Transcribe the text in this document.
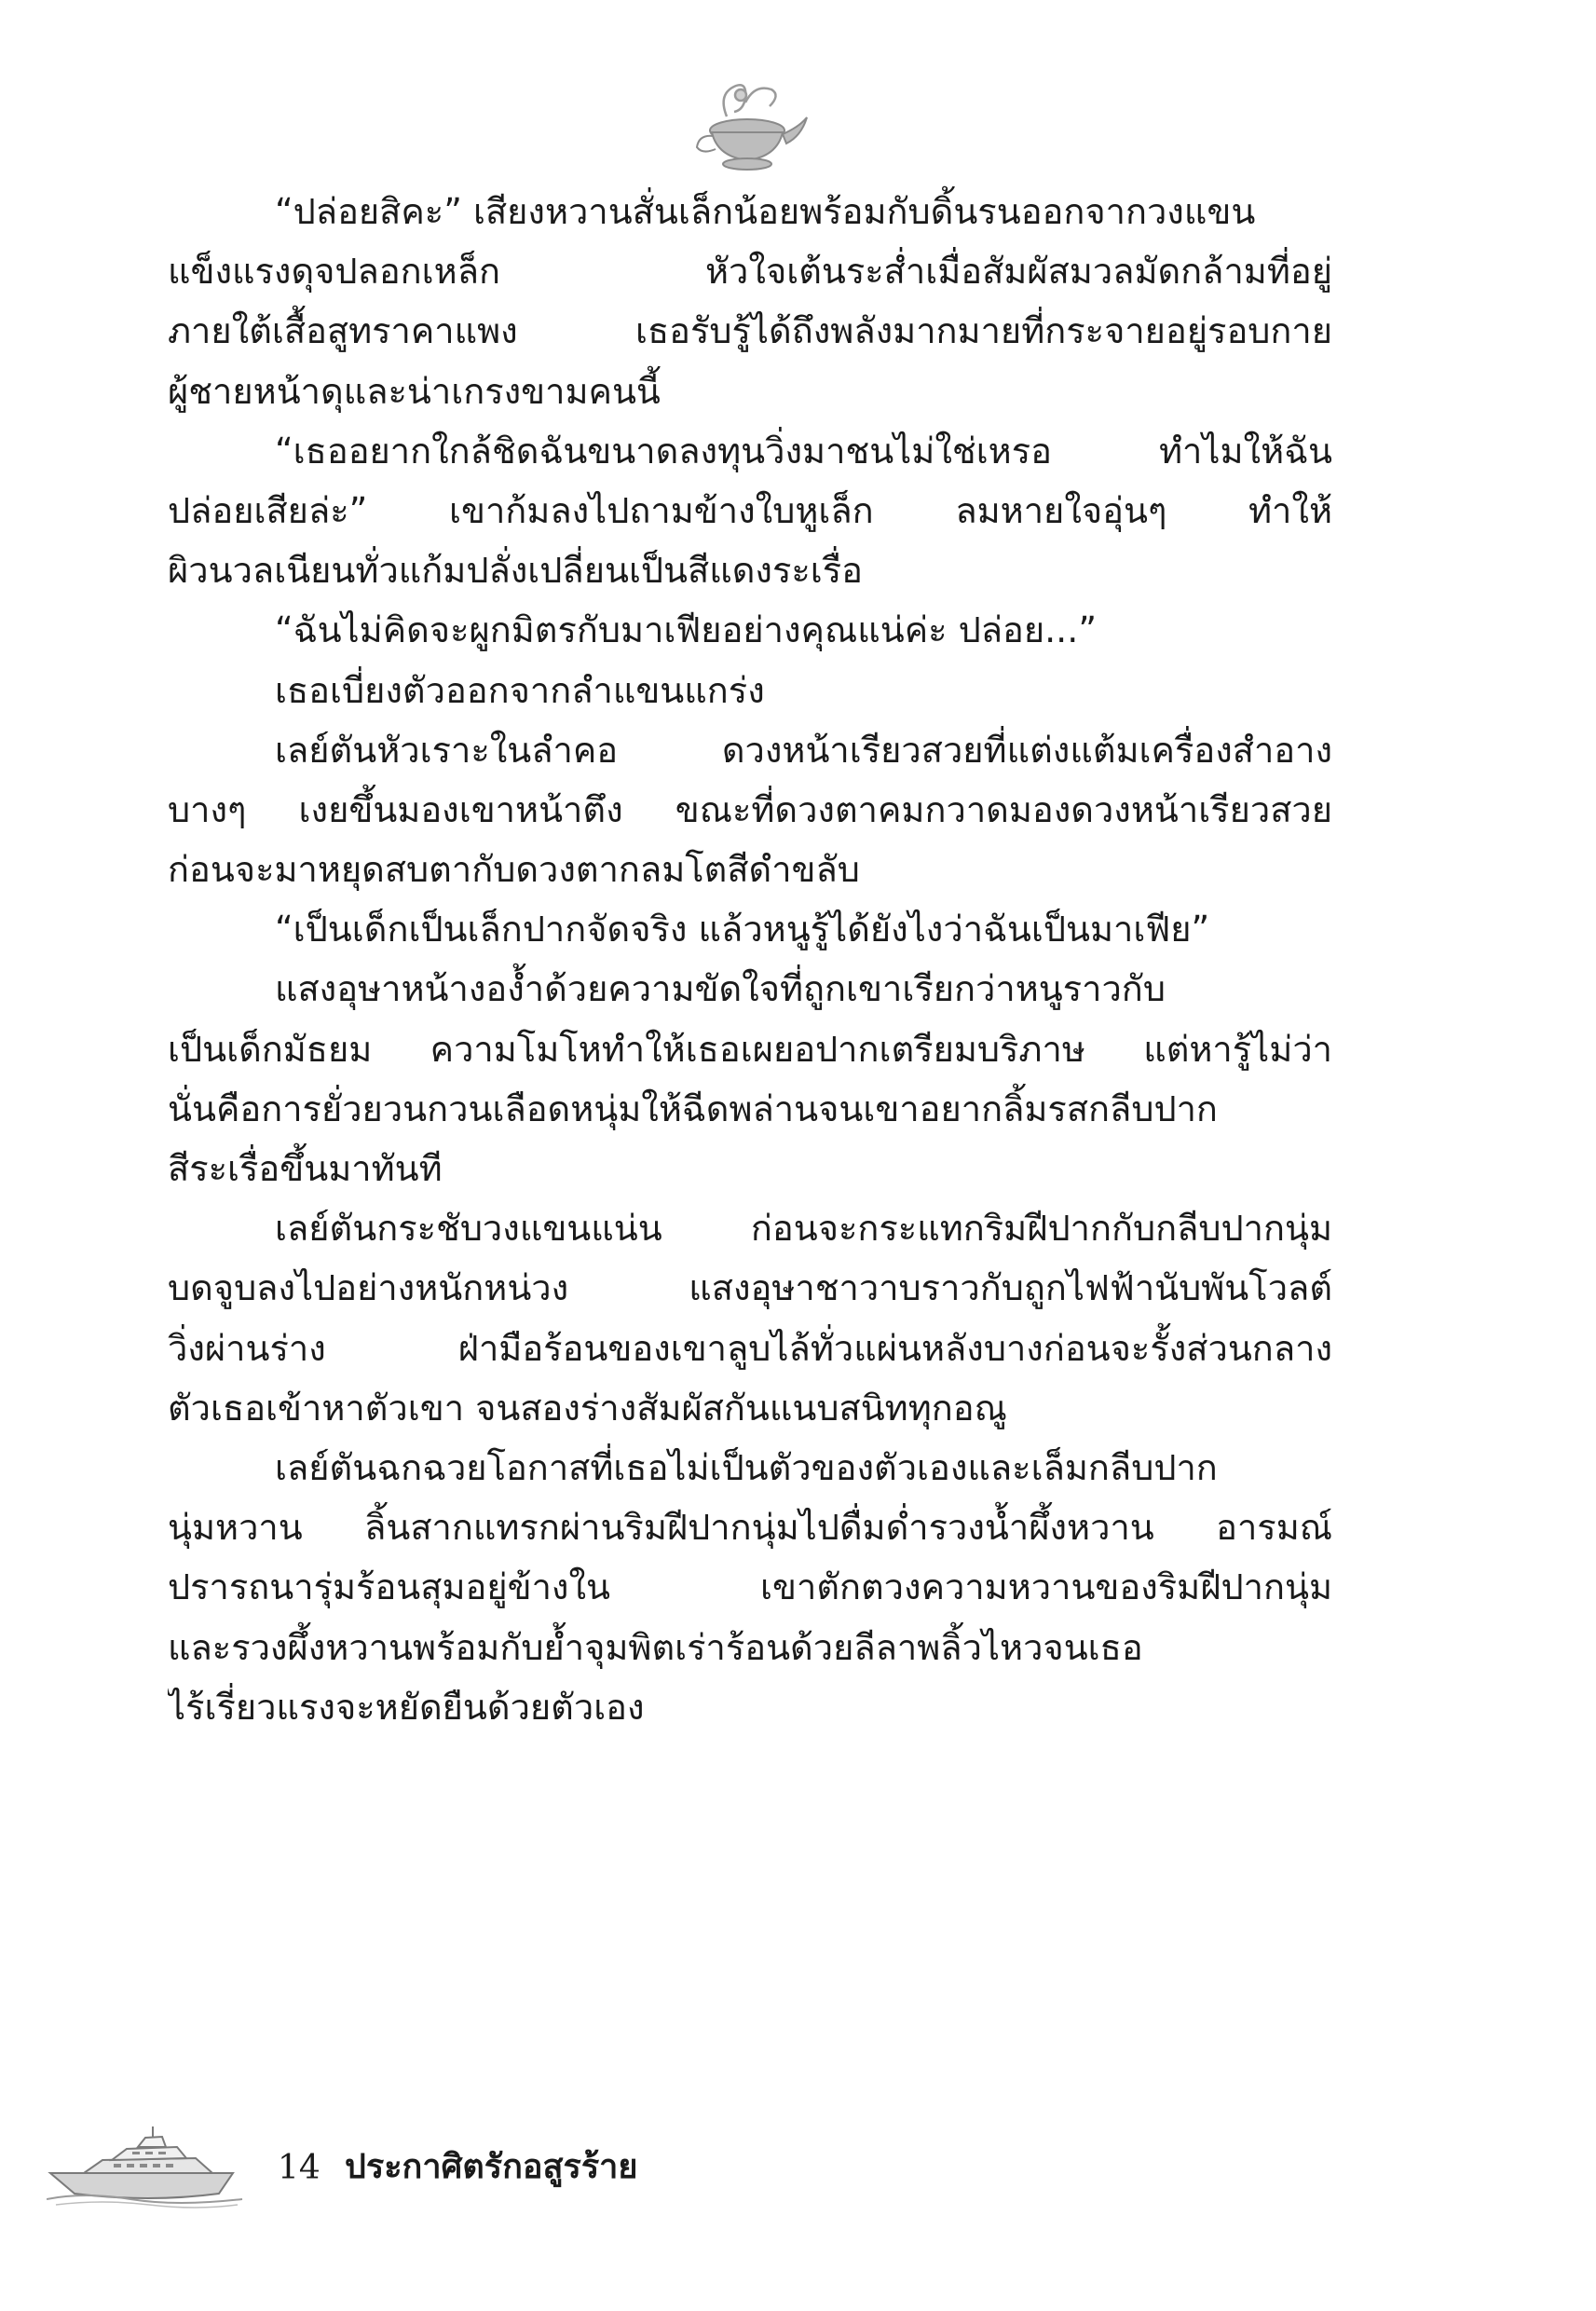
“ปล่อยสิคะ” เสียงหวานสั่นเล็กน้อยพร้อมกับดิ้นรนออกจากวงแขน
แข็งแรงดุจปลอกเหล็ก หัวใจเต้นระส่ำเมื่อสัมผัสมวลมัดกล้ามที่อยู่
ภายใต้เสื้อสูทราคาแพง เธอรับรู้ได้ถึงพลังมากมายที่กระจายอยู่รอบกาย
ผู้ชายหน้าดุและน่าเกรงขามคนนี้
“เธออยากใกล้ชิดฉันขนาดลงทุนวิ่งมาชนไม่ใช่เหรอ ทำไมให้ฉัน
ปล่อยเสียล่ะ” เขาก้มลงไปถามข้างใบหูเล็ก ลมหายใจอุ่นๆ ทำให้
ผิวนวลเนียนทั่วแก้มปลั่งเปลี่ยนเป็นสีแดงระเรื่อ
“ฉันไม่คิดจะผูกมิตรกับมาเฟียอย่างคุณแน่ค่ะ ปล่อย...”
เธอเบี่ยงตัวออกจากลำแขนแกร่ง
เลย์ตันหัวเราะในลำคอ ดวงหน้าเรียวสวยที่แต่งแต้มเครื่องสำอาง
บางๆ เงยขึ้นมองเขาหน้าตึง ขณะที่ดวงตาคมกวาดมองดวงหน้าเรียวสวย
ก่อนจะมาหยุดสบตากับดวงตากลมโตสีดำขลับ
“เป็นเด็กเป็นเล็กปากจัดจริง แล้วหนูรู้ได้ยังไงว่าฉันเป็นมาเฟีย”
แสงอุษาหน้างองํ้าด้วยความขัดใจที่ถูกเขาเรียกว่าหนูราวกับ
เป็นเด็กมัธยม ความโมโหทำให้เธอเผยอปากเตรียมบริภาษ แต่หารู้ไม่ว่า
นั่นคือการยั่วยวนกวนเลือดหนุ่มให้ฉีดพล่านจนเขาอยากลิ้มรสกลีบปาก
สีระเรื่อขึ้นมาทันที
เลย์ตันกระชับวงแขนแน่น ก่อนจะกระแทกริมฝีปากกับกลีบปากนุ่ม
บดจูบลงไปอย่างหนักหน่วง แสงอุษาชาวาบราวกับถูกไฟฟ้านับพันโวลต์
วิ่งผ่านร่าง ฝ่ามือร้อนของเขาลูบไล้ทั่วแผ่นหลังบางก่อนจะรั้งส่วนกลาง
ตัวเธอเข้าหาตัวเขา จนสองร่างสัมผัสกันแนบสนิททุกอณู
เลย์ตันฉกฉวยโอกาสที่เธอไม่เป็นตัวของตัวเองและเล็มกลีบปาก
นุ่มหวาน ลิ้นสากแทรกผ่านริมฝีปากนุ่มไปดื่มด่ำรวงนํ้าผึ้งหวาน อารมณ์
ปรารถนารุ่มร้อนสุมอยู่ข้างใน เขาตักตวงความหวานของริมฝีปากนุ่ม
และรวงผึ้งหวานพร้อมกับยํ้าจุมพิตเร่าร้อนด้วยลีลาพลิ้วไหวจนเธอ
ไร้เรี่ยวแรงจะหยัดยืนด้วยตัวเอง
14 ประกาศิตรักอสูรร้าย
